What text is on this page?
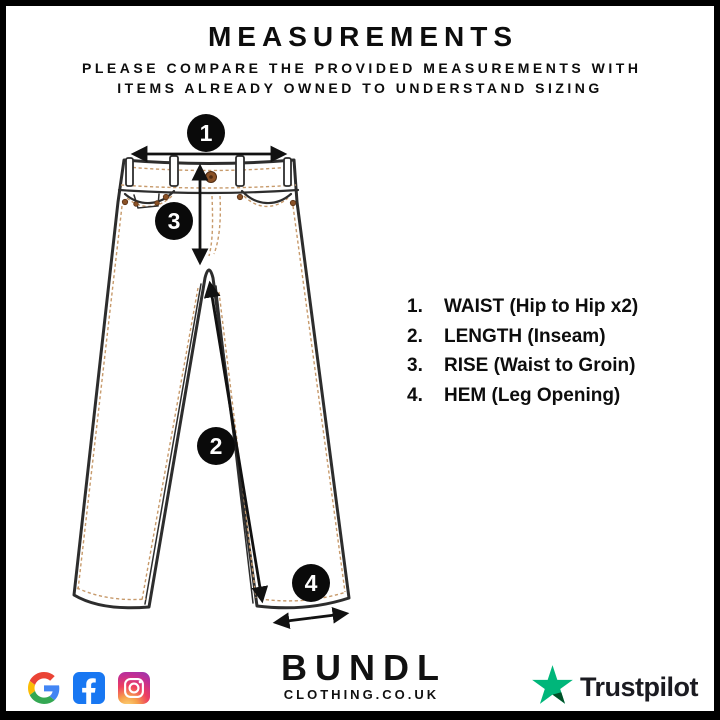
MEASUREMENTS

PLEASE COMPARE THE PROVIDED MEASUREMENTS WITH
ITEMS ALREADY OWNED TO UNDERSTAND SIZING

1
3
2
4
1.	WAIST (Hip to Hip x2)
2.	LENGTH (Inseam)
3.	RISE (Waist to Groin)
4.	HEM (Leg Opening)
BUNDL
CLOTHING.CO.UK	Trustpilot
